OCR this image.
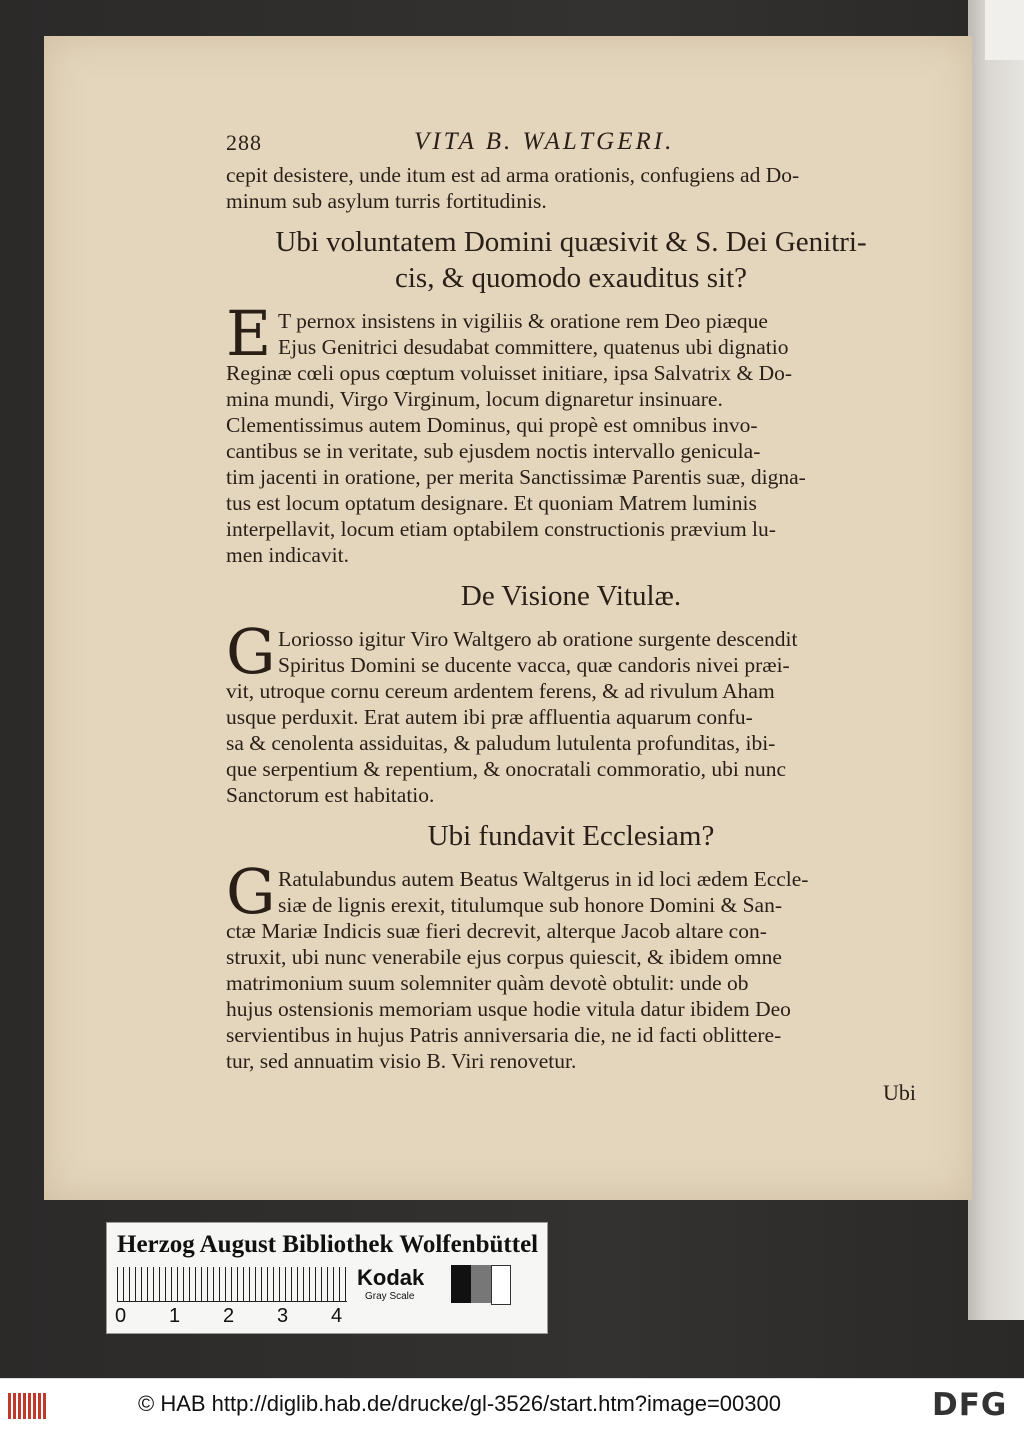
288	VITA B. WALTGERI.
cepit desistere, unde itum est ad arma orationis, confugiens ad Do-
minum sub asylum turris fortitudinis.
Ubi voluntatem Domini quæsivit & S. Dei Genitri-
cis, & quomodo exauditus sit?
E T pernox insistens in vigiliis & oratione rem Deo piæque
Ejus Genitrici desudabat committere, quatenus ubi dignatio
Reginæ cœli opus cœptum voluisset initiare, ipsa Salvatrix & Do-
mina mundi, Virgo Virginum, locum dignaretur insinuare.
Clementissimus autem Dominus, qui propè est omnibus invo-
cantibus se in veritate, sub ejusdem noctis intervallo genicula-
tim jacenti in oratione, per merita Sanctissimæ Parentis suæ, digna-
tus est locum optatum designare. Et quoniam Matrem luminis
interpellavit, locum etiam optabilem constructionis prævium lu-
men indicavit.
De Visione Vitulæ.
G Loriosso igitur Viro Waltgero ab oratione surgente descendit
Spiritus Domini se ducente vacca, quæ candoris nivei præi-
vit, utroque cornu cereum ardentem ferens, & ad rivulum Aham
usque perduxit. Erat autem ibi præ affluentia aquarum confu-
sa & cenolenta assiduitas, & paludum lutulenta profunditas, ibi-
que serpentium & repentium, & onocratali commoratio, ubi nunc
Sanctorum est habitatio.
Ubi fundavit Ecclesiam?
G Ratulabundus autem Beatus Waltgerus in id loci ædem Eccle-
siæ de lignis erexit, titulumque sub honore Domini & San-
ctæ Mariæ Indicis suæ fieri decrevit, alterque Jacob altare con-
struxit, ubi nunc venerabile ejus corpus quiescit, & ibidem omne
matrimonium suum solemniter quàm devotè obtulit: unde ob
hujus ostensionis memoriam usque hodie vitula datur ibidem Deo
servientibus in hujus Patris anniversaria die, ne id facti oblittere-
tur, sed annuatim visio B. Viri renovetur.
Ubi
Herzog August Bibliothek Wolfenbüttel
0 1 2 3 4
Kodak
Gray Scale
© HAB http://diglib.hab.de/drucke/gl-3526/start.htm?image=00300	DFG
